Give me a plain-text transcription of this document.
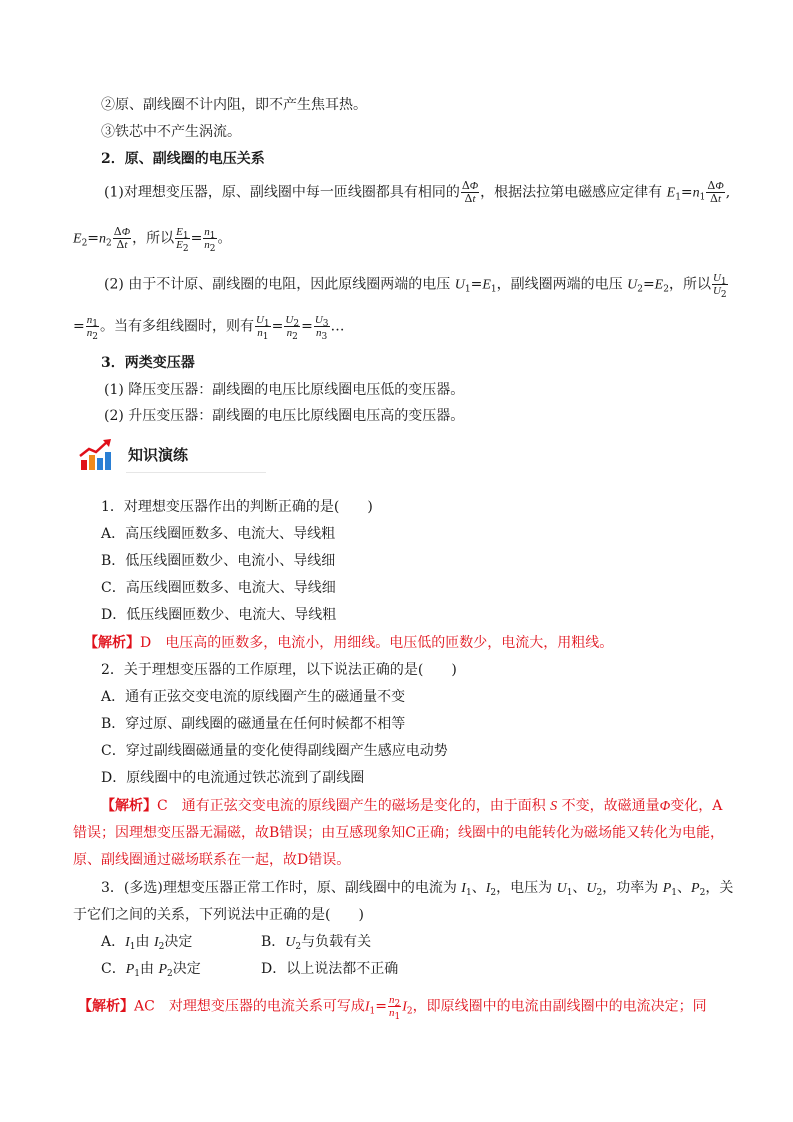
②原、副线圈不计内阻，即不产生焦耳热。
③铁芯中不产生涡流。
2．原、副线圈的电压关系
(1)对理想变压器，原、副线圈中每一匝线圈都具有相同的 $\frac{\Delta\Phi}{\Delta t}$ ，根据法拉第电磁感应定律有 $E_1=n_1 \frac{\Delta\Phi}{\Delta t}$ ,
$E_2=n_2 \frac{\Delta\Phi}{\Delta t}$ ，所以 $\frac{E_1}{E_2} = \frac{n_1}{n_2}$ 。
(2) 由于不计原、副线圈的电阻，因此原线圈两端的电压 $U_1=E_1$，副线圈两端的电压 $U_2=E_2$，所以 $\frac{U_1}{U_2}$
= $\frac{n_1}{n_2}$ 。当有多组线圈时，则有 $\frac{U_1}{n_1} = \frac{U_2}{n_2} = \frac{U_3}{n_3}$ …
3．两类变压器
(1) 降压变压器：副线圈的电压比原线圈电压低的变压器。
(2) 升压变压器：副线圈的电压比原线圈电压高的变压器。
知识演练
1．对理想变压器作出的判断正确的是(　　)
A．高压线圈匝数多、电流大、导线粗
B．低压线圈匝数少、电流小、导线细
C．高压线圈匝数多、电流大、导线细
D．低压线圈匝数少、电流大、导线粗
【解析】D　电压高的匝数多，电流小，用细线。电压低的匝数少，电流大，用粗线。
2．关于理想变压器的工作原理，以下说法正确的是(　　)
A．通有正弦交变电流的原线圈产生的磁通量不变
B．穿过原、副线圈的磁通量在任何时候都不相等
C．穿过副线圈磁通量的变化使得副线圈产生感应电动势
D．原线圈中的电流通过铁芯流到了副线圈
【解析】C　通有正弦交变电流的原线圈产生的磁场是变化的，由于面积 S 不变，故磁通量Φ变化，A
错误；因理想变压器无漏磁，故B错误；由互感现象知C正确；线圈中的电能转化为磁场能又转化为电能，
原、副线圈通过磁场联系在一起，故D错误。
3．(多选)理想变压器正常工作时，原、副线圈中的电流为 $I_1$、$I_2$，电压为 $U_1$、$U_2$，功率为 $P_1$、$P_2$，关
于它们之间的关系，下列说法中正确的是(　　)
A．$I_1$由 $I_2$决定	B．$U_2$与负载有关
C．$P_1$由 $P_2$决定	D．以上说法都不正确
【解析】AC　对理想变压器的电流关系可写成$I_1= \frac{n_2}{n_1} I_2$，即原线圈中的电流由副线圈中的电流决定；同
